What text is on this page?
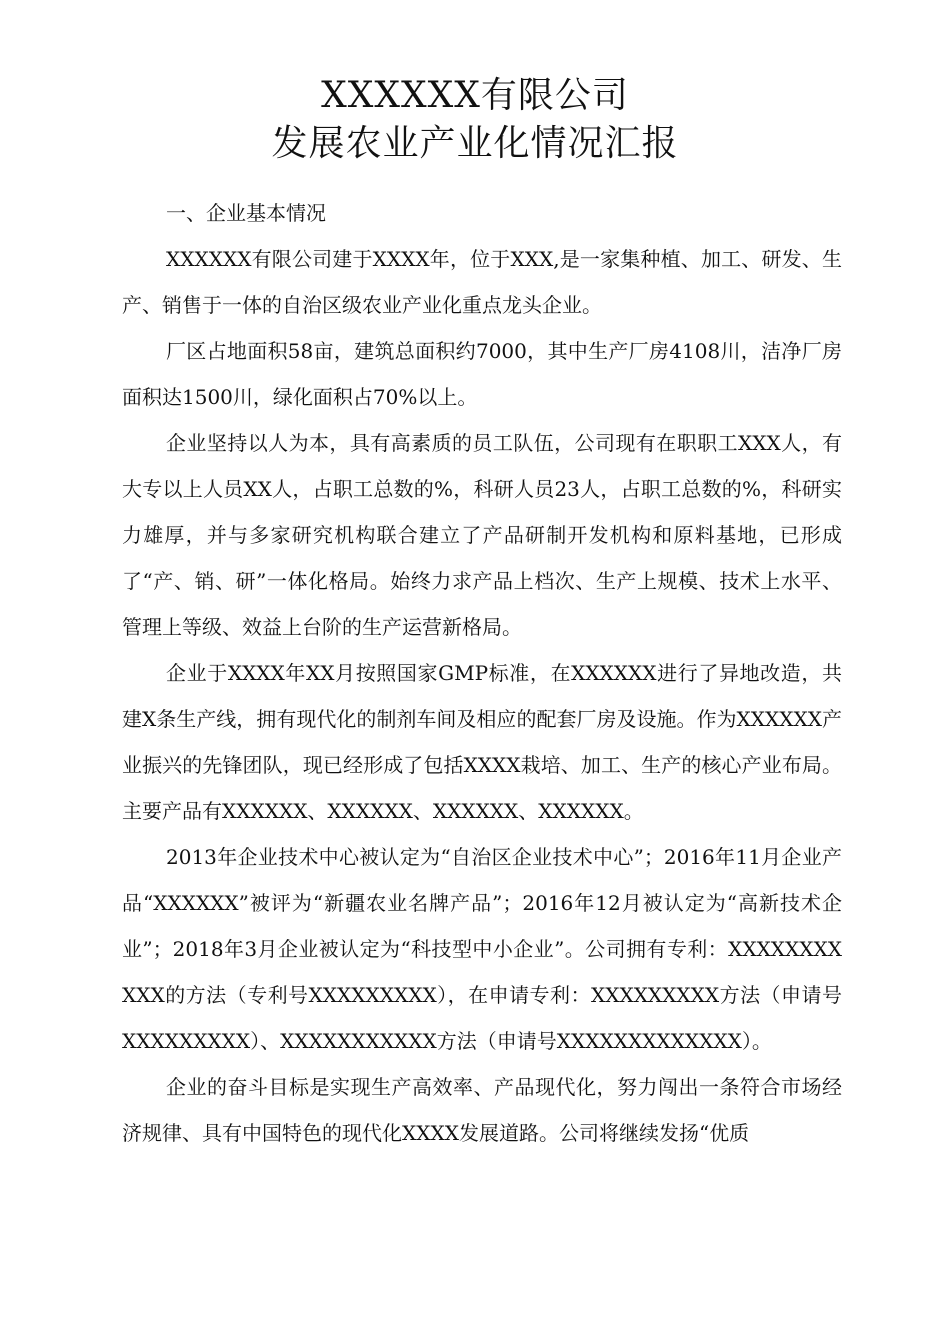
XXXXXX有限公司
发展农业产业化情况汇报

一、企业基本情况

XXXXXX有限公司建于XXXX年，位于XXX,是一家集种植、加工、研发、生产、销售于一体的自治区级农业产业化重点龙头企业。

厂区占地面积58亩，建筑总面积约7000，其中生产厂房4108川，洁净厂房面积达1500川，绿化面积占70%以上。

企业坚持以人为本，具有高素质的员工队伍，公司现有在职职工XXX人，有大专以上人员XX人，占职工总数的%，科研人员23人，占职工总数的%，科研实力雄厚，并与多家研究机构联合建立了产品研制开发机构和原料基地，已形成了“产、销、研”一体化格局。始终力求产品上档次、生产上规模、技术上水平、管理上等级、效益上台阶的生产运营新格局。

企业于XXXX年XX月按照国家GMP标准，在XXXXXX进行了异地改造，共建X条生产线，拥有现代化的制剂车间及相应的配套厂房及设施。作为XXXXXX产业振兴的先锋团队，现已经形成了包括XXXX栽培、加工、生产的核心产业布局。主要产品有XXXXXX、XXXXXX、XXXXXX、XXXXXX。

2013年企业技术中心被认定为“自治区企业技术中心”；2016年11月企业产品“XXXXXX”被评为“新疆农业名牌产品”；2016年12月被认定为“高新技术企业”；2018年3月企业被认定为“科技型中小企业”。公司拥有专利：XXXXXXXXXXX的方法（专利号XXXXXXXXX），在申请专利：XXXXXXXXX方法（申请号XXXXXXXXX）、XXXXXXXXXXX方法（申请号XXXXXXXXXXXXX）。

企业的奋斗目标是实现生产高效率、产品现代化，努力闯出一条符合市场经济规律、具有中国特色的现代化XXXX发展道路。公司将继续发扬“优质
